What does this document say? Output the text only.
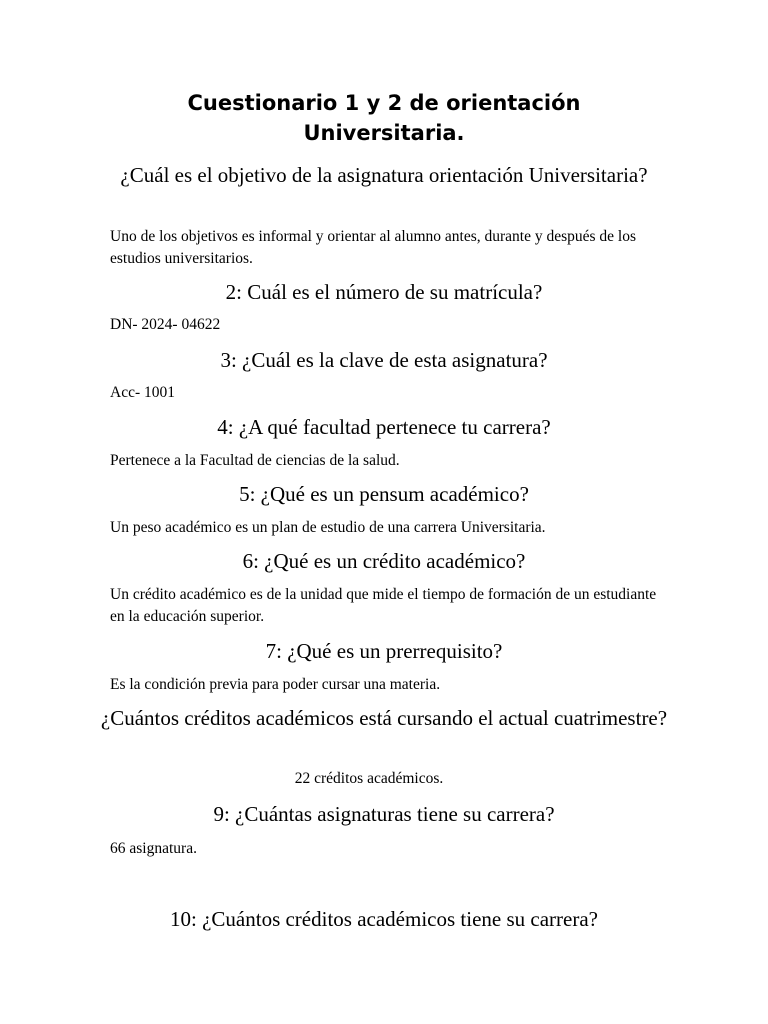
Cuestionario 1 y 2 de orientación
Universitaria.

¿Cuál es el objetivo de la asignatura orientación Universitaria?

Uno de los objetivos es informal y orientar al alumno antes, durante y después de los estudios universitarios.

2: Cuál es el número de su matrícula?

DN- 2024- 04622

3: ¿Cuál es la clave de esta asignatura?

Acc- 1001

4: ¿A qué facultad pertenece tu carrera?

Pertenece a la Facultad de ciencias de la salud.

5: ¿Qué es un pensum académico?

Un peso académico es un plan de estudio de una carrera Universitaria.

6: ¿Qué es un crédito académico?

Un crédito académico es de la unidad que mide el tiempo de formación de un estudiante en la educación superior.

7: ¿Qué es un prerrequisito?

Es la condición previa para poder cursar una materia.

¿Cuántos créditos académicos está cursando el actual cuatrimestre?

22 créditos académicos.

9: ¿Cuántas asignaturas tiene su carrera?

66 asignatura.

10: ¿Cuántos créditos académicos tiene su carrera?
